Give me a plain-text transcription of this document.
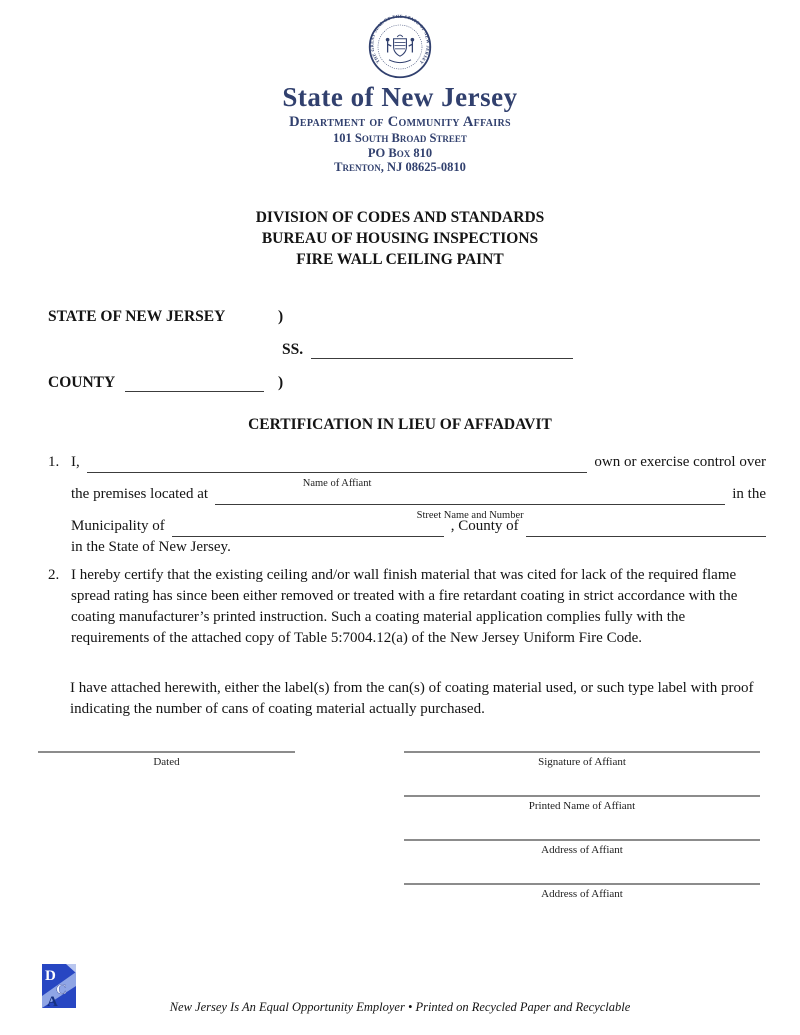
THE GREAT SEAL OF THE STATE OF NEW JERSEY
State of New Jersey
Department of Community Affairs
101 South Broad Street
PO Box 810
Trenton, NJ 08625-0810
DIVISION OF CODES AND STANDARDS
BUREAU OF HOUSING INSPECTIONS
FIRE WALL CEILING PAINT
STATE OF NEW JERSEY	)
SS.
COUNTY	)
CERTIFICATION IN LIEU OF AFFADAVIT
1. I,
Name of Affiant
own or exercise control over
the premises located at
Street Name and Number
in the
Municipality of	, County of
in the State of New Jersey.
2. I hereby certify that the existing ceiling and/or wall finish material that was cited for lack of the required flame spread rating has since been either removed or treated with a fire retardant coating in strict accordance with the coating manufacturer’s printed instruction. Such a coating material application complies fully with the requirements of the attached copy of Table 5:7004.12(a) of the New Jersey Uniform Fire Code.
I have attached herewith, either the label(s) from the can(s) of coating material used, or such type label with proof indicating the number of cans of coating material actually purchased.
Dated	Signature of Affiant
Printed Name of Affiant
Address of Affiant
Address of Affiant
D
C
A	New Jersey Is An Equal Opportunity Employer • Printed on Recycled Paper and Recyclable
